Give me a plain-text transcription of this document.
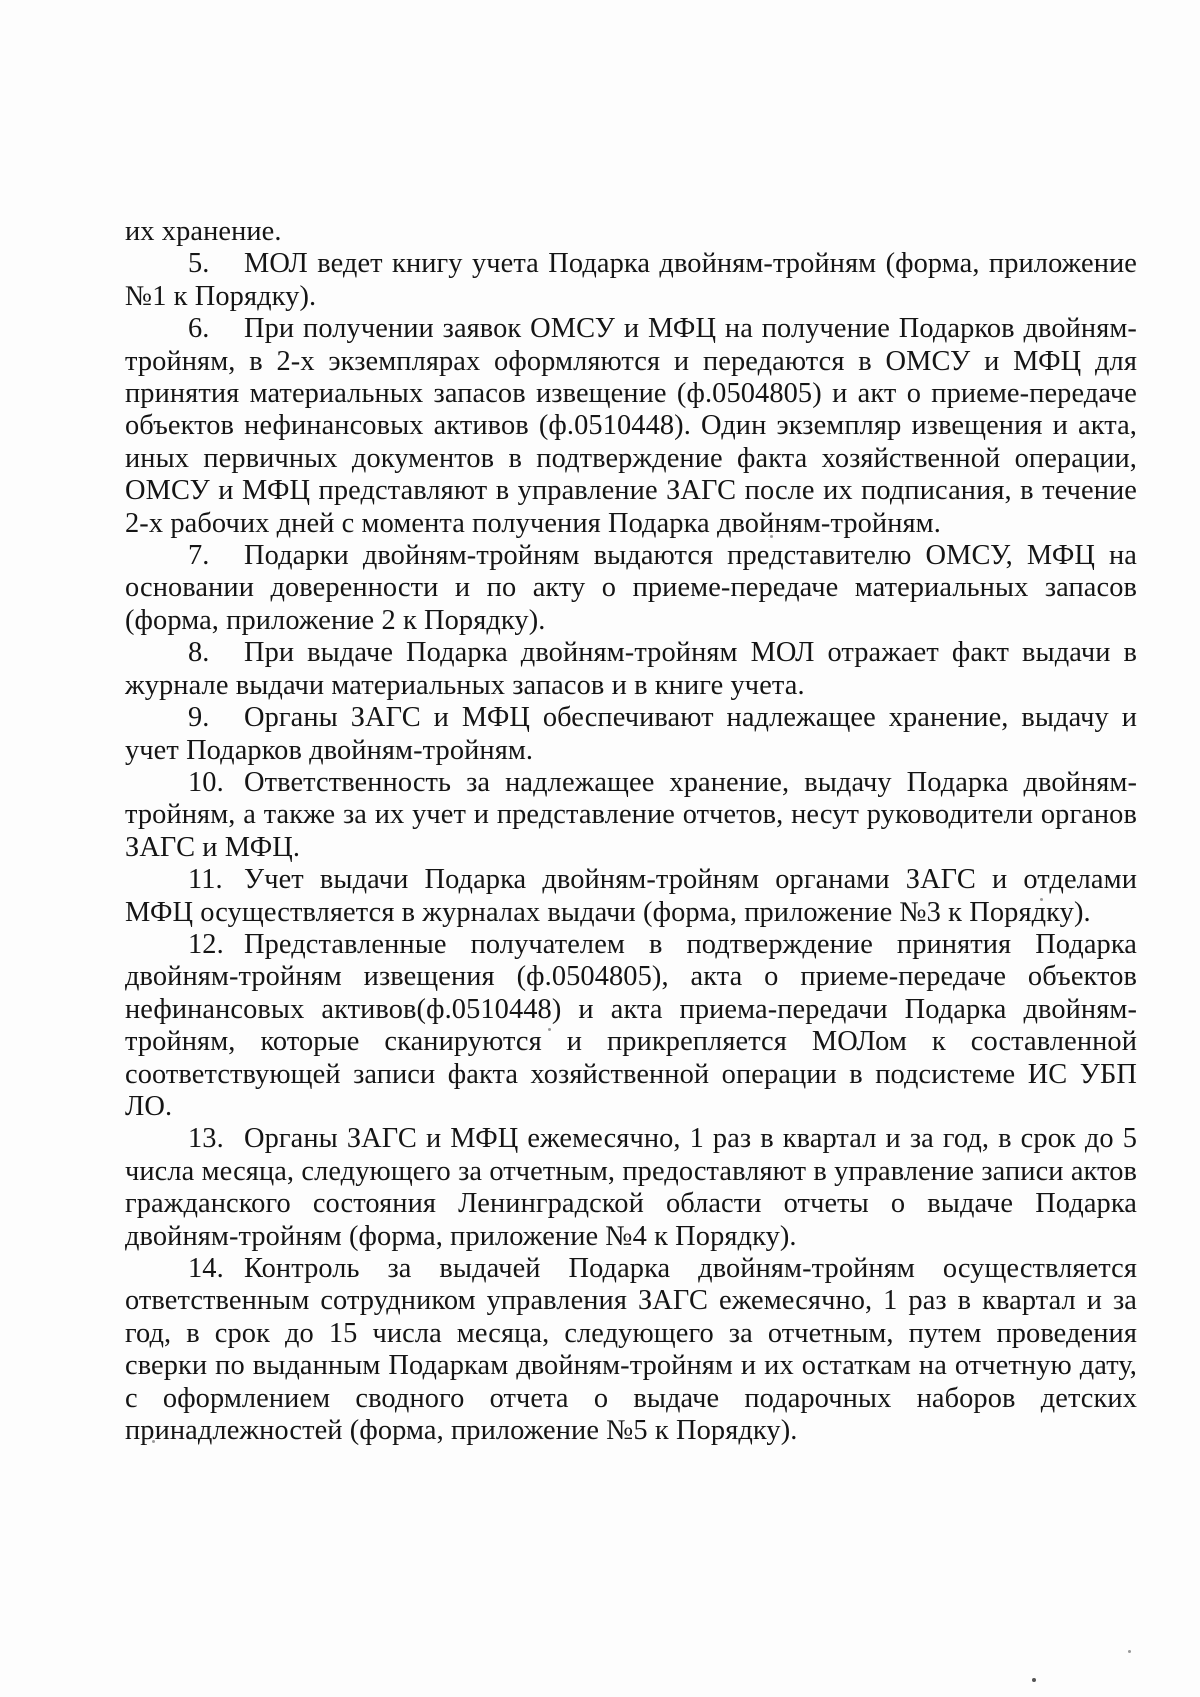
их хранение.

5. МОЛ ведет книгу учета Подарка двойням-тройням (форма, приложение №1 к Порядку).

6. При получении заявок ОМСУ и МФЦ на получение Подарков двойням-тройням, в 2-х экземплярах оформляются и передаются в ОМСУ и МФЦ для принятия материальных запасов извещение (ф.0504805) и акт о приеме-передаче объектов нефинансовых активов (ф.0510448). Один экземпляр извещения и акта, иных первичных документов в подтверждение факта хозяйственной операции, ОМСУ и МФЦ представляют в управление ЗАГС после их подписания, в течение 2-х рабочих дней с момента получения Подарка двойням-тройням.

7. Подарки двойням-тройням выдаются представителю ОМСУ, МФЦ на основании доверенности и по акту о приеме-передаче материальных запасов (форма, приложение 2 к Порядку).

8. При выдаче Подарка двойням-тройням МОЛ отражает факт выдачи в журнале выдачи материальных запасов и в книге учета.

9. Органы ЗАГС и МФЦ обеспечивают надлежащее хранение, выдачу и учет Подарков двойням-тройням.

10. Ответственность за надлежащее хранение, выдачу Подарка двойням-тройням, а также за их учет и представление отчетов, несут руководители органов ЗАГС и МФЦ.

11. Учет выдачи Подарка двойням-тройням органами ЗАГС и отделами МФЦ осуществляется в журналах выдачи (форма, приложение №3 к Порядку).

12. Представленные получателем в подтверждение принятия Подарка двойням-тройням извещения (ф.0504805), акта о приеме-передаче объектов нефинансовых активов(ф.0510448) и акта приема-передачи Подарка двойням-тройням, которые сканируются и прикрепляется МОЛом к составленной соответствующей записи факта хозяйственной операции в подсистеме ИС УБП ЛО.

13. Органы ЗАГС и МФЦ ежемесячно, 1 раз в квартал и за год, в срок до 5 числа месяца, следующего за отчетным, предоставляют в управление записи актов гражданского состояния Ленинградской области отчеты о выдаче Подарка двойням-тройням (форма, приложение №4 к Порядку).

14. Контроль за выдачей Подарка двойням-тройням осуществляется ответственным сотрудником управления ЗАГС ежемесячно, 1 раз в квартал и за год, в срок до 15 числа месяца, следующего за отчетным, путем проведения сверки по выданным Подаркам двойням-тройням и их остаткам на отчетную дату, с оформлением сводного отчета о выдаче подарочных наборов детских принадлежностей (форма, приложение №5 к Порядку).
